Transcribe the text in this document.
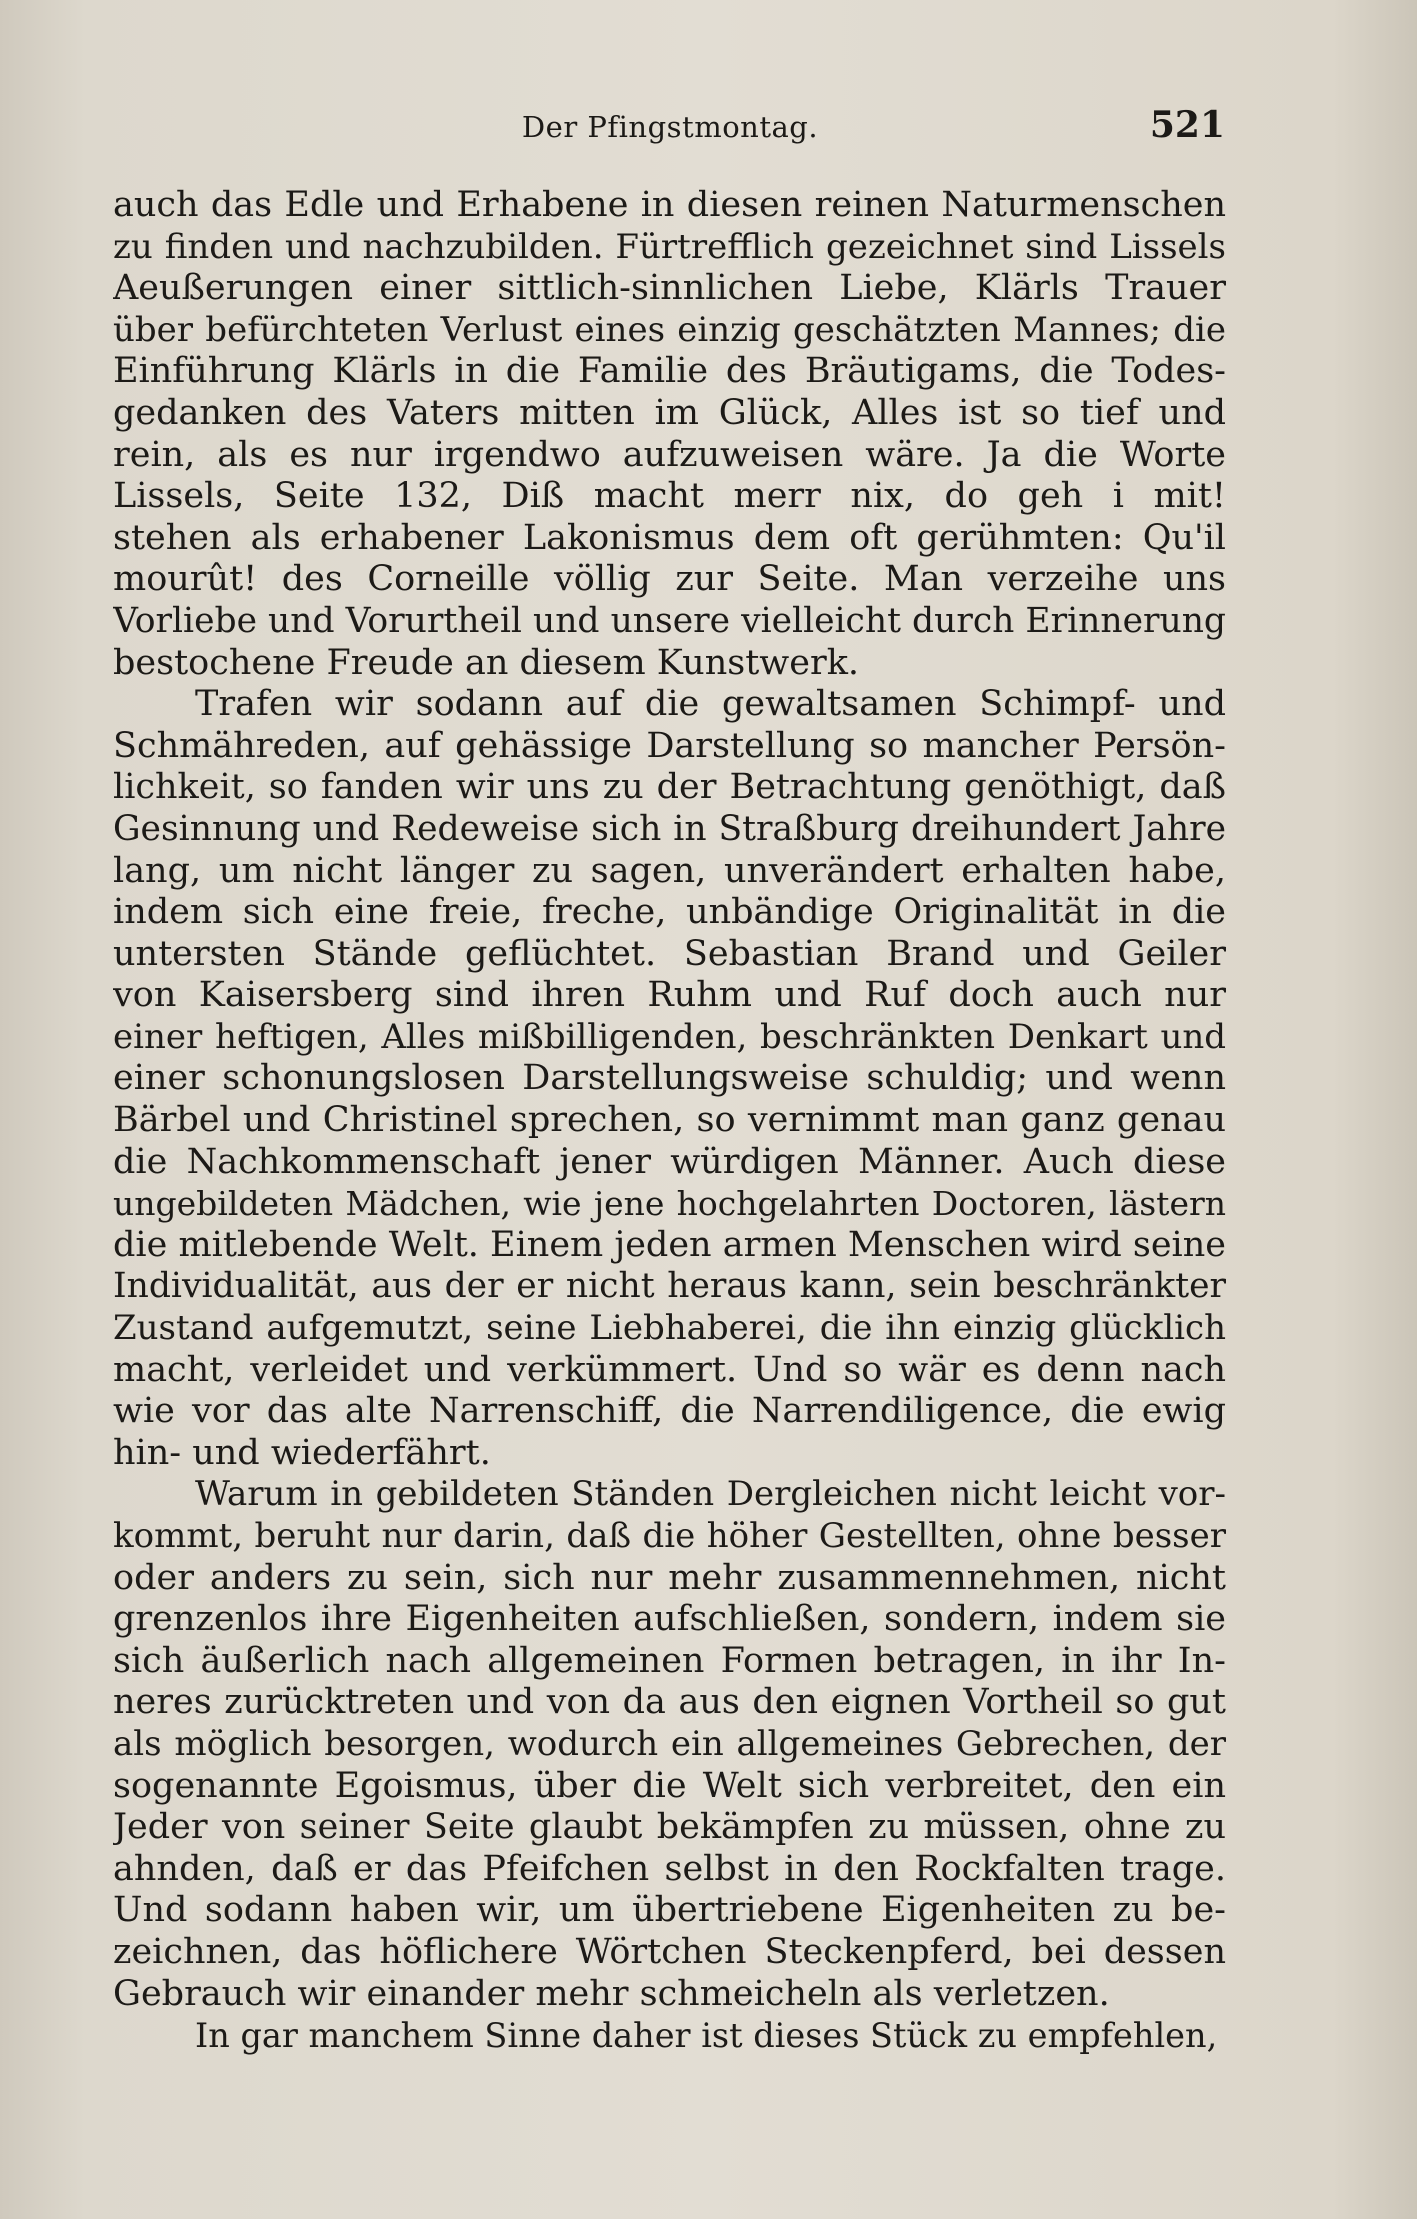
Der Pfingstmontag.	521
auch das Edle und Erhabene in diesen reinen Naturmenschen
zu finden und nachzubilden. Fürtrefflich gezeichnet sind Lissels
Aeußerungen einer sittlich-sinnlichen Liebe, Klärls Trauer
über befürchteten Verlust eines einzig geschätzten Mannes; die
Einführung Klärls in die Familie des Bräutigams, die Todes-
gedanken des Vaters mitten im Glück, Alles ist so tief und
rein, als es nur irgendwo aufzuweisen wäre. Ja die Worte
Lissels, Seite 132, Diß macht merr nix, do geh i mit!
stehen als erhabener Lakonismus dem oft gerühmten: Qu'il
mourût! des Corneille völlig zur Seite. Man verzeihe uns
Vorliebe und Vorurtheil und unsere vielleicht durch Erinnerung
bestochene Freude an diesem Kunstwerk.
Trafen wir sodann auf die gewaltsamen Schimpf- und
Schmähreden, auf gehässige Darstellung so mancher Persön-
lichkeit, so fanden wir uns zu der Betrachtung genöthigt, daß
Gesinnung und Redeweise sich in Straßburg dreihundert Jahre
lang, um nicht länger zu sagen, unverändert erhalten habe,
indem sich eine freie, freche, unbändige Originalität in die
untersten Stände geflüchtet. Sebastian Brand und Geiler
von Kaisersberg sind ihren Ruhm und Ruf doch auch nur
einer heftigen, Alles mißbilligenden, beschränkten Denkart und
einer schonungslosen Darstellungsweise schuldig; und wenn
Bärbel und Christinel sprechen, so vernimmt man ganz genau
die Nachkommenschaft jener würdigen Männer. Auch diese
ungebildeten Mädchen, wie jene hochgelahrten Doctoren, lästern
die mitlebende Welt. Einem jeden armen Menschen wird seine
Individualität, aus der er nicht heraus kann, sein beschränkter
Zustand aufgemutzt, seine Liebhaberei, die ihn einzig glücklich
macht, verleidet und verkümmert. Und so wär es denn nach
wie vor das alte Narrenschiff, die Narrendiligence, die ewig
hin- und wiederfährt.
Warum in gebildeten Ständen Dergleichen nicht leicht vor-
kommt, beruht nur darin, daß die höher Gestellten, ohne besser
oder anders zu sein, sich nur mehr zusammennehmen, nicht
grenzenlos ihre Eigenheiten aufschließen, sondern, indem sie
sich äußerlich nach allgemeinen Formen betragen, in ihr In-
neres zurücktreten und von da aus den eignen Vortheil so gut
als möglich besorgen, wodurch ein allgemeines Gebrechen, der
sogenannte Egoismus, über die Welt sich verbreitet, den ein
Jeder von seiner Seite glaubt bekämpfen zu müssen, ohne zu
ahnden, daß er das Pfeifchen selbst in den Rockfalten trage.
Und sodann haben wir, um übertriebene Eigenheiten zu be-
zeichnen, das höflichere Wörtchen Steckenpferd, bei dessen
Gebrauch wir einander mehr schmeicheln als verletzen.
In gar manchem Sinne daher ist dieses Stück zu empfehlen,
